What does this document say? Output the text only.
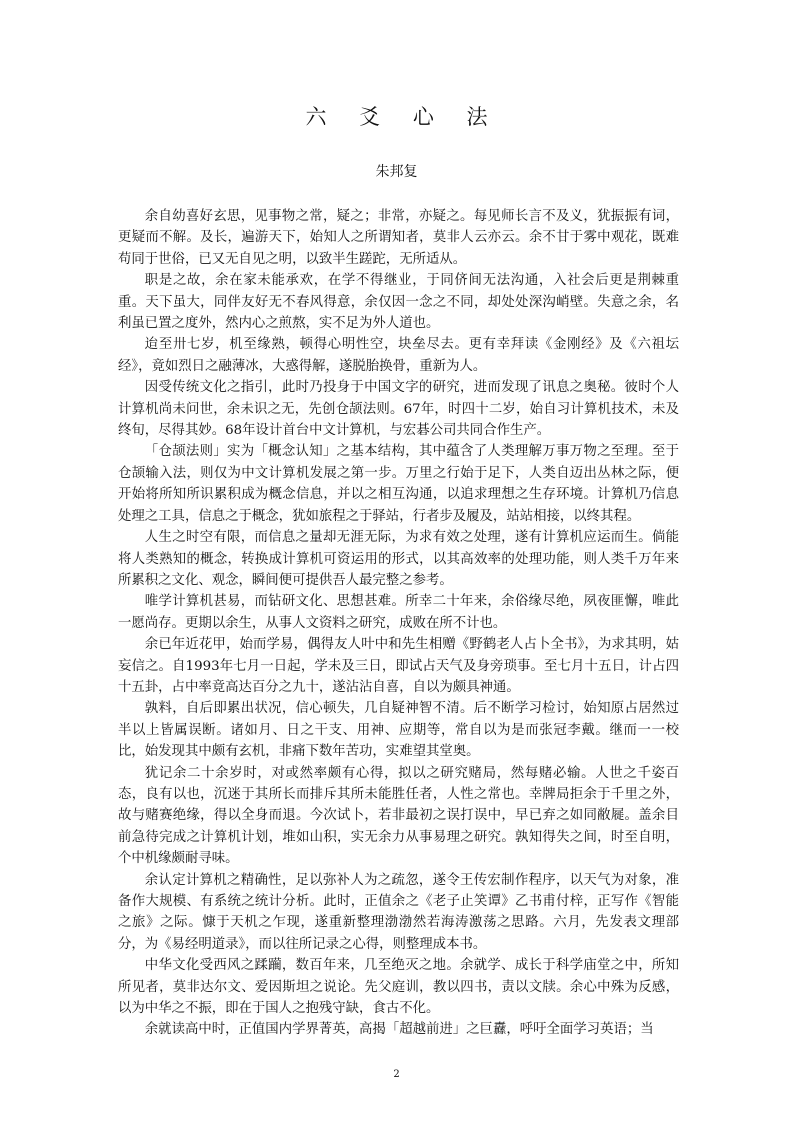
六 爻 心 法

朱邦复

余自幼喜好玄思，见事物之常，疑之；非常，亦疑之。每见师长言不及义，犹振振有词，更疑而不解。及长，遍游天下，始知人之所谓知者，莫非人云亦云。余不甘于雾中观花，既难苟同于世俗，已又无自见之明，以致半生蹉跎，无所适从。

职是之故，余在家未能承欢，在学不得继业，于同侪间无法沟通，入社会后更是荆棘重重。天下虽大，同伴友好无不春风得意，余仅因一念之不同，却处处深沟峭壁。失意之余，名利虽已置之度外，然内心之煎熬，实不足为外人道也。

迨至卅七岁，机至缘熟，顿得心明性空，块垒尽去。更有幸拜读《金刚经》及《六祖坛经》，竟如烈日之融薄冰，大惑得解，遂脱胎换骨，重新为人。

因受传统文化之指引，此时乃投身于中国文字的研究，进而发现了讯息之奥秘。彼时个人计算机尚未问世，余未识之无，先创仓颉法则。67年，时四十二岁，始自习计算机技术，未及终旬，尽得其妙。68年设计首台中文计算机，与宏碁公司共同合作生产。

「仓颉法则」实为「概念认知」之基本结构，其中蕴含了人类理解万事万物之至理。至于仓颉输入法，则仅为中文计算机发展之第一步。万里之行始于足下，人类自迈出丛林之际，便开始将所知所识累积成为概念信息，并以之相互沟通，以追求理想之生存环境。计算机乃信息处理之工具，信息之于概念，犹如旅程之于驿站，行者步及履及，站站相接，以终其程。

人生之时空有限，而信息之量却无涯无际，为求有效之处理，遂有计算机应运而生。倘能将人类熟知的概念，转换成计算机可资运用的形式，以其高效率的处理功能，则人类千万年来所累积之文化、观念，瞬间便可提供吾人最完整之参考。

唯学计算机甚易，而钻研文化、思想甚难。所幸二十年来，余俗缘尽绝，夙夜匪懈，唯此一愿尚存。更期以余生，从事人文资料之研究，成败在所不计也。

余已年近花甲，始而学易，偶得友人叶中和先生相赠《野鹤老人占卜全书》，为求其明，姑妄信之。自1993年七月一日起，学未及三日，即试占天气及身旁琐事。至七月十五日，计占四十五卦，占中率竟高达百分之九十，遂沾沾自喜，自以为颇具神通。

孰料，自后即累出状况，信心顿失，几自疑神智不清。后不断学习检讨，始知原占居然过半以上皆属误断。诸如月、日之干支、用神、应期等，常自以为是而张冠李戴。继而一一校比，始发现其中颇有玄机，非痛下数年苦功，实难望其堂奥。

犹记余二十余岁时，对或然率颇有心得，拟以之研究赌局，然每赌必输。人世之千姿百态，良有以也，沉迷于其所长而排斥其所未能胜任者，人性之常也。幸牌局拒余于千里之外，故与赌赛绝缘，得以全身而退。今次试卜，若非最初之误打误中，早已弃之如同敝屣。盖余目前急待完成之计算机计划，堆如山积，实无余力从事易理之研究。孰知得失之间，时至自明，个中机缘颇耐寻味。

余认定计算机之精确性，足以弥补人为之疏忽，遂令王传宏制作程序，以天气为对象，准备作大规模、有系统之统计分析。此时，正值余之《老子止笑谭》乙书甫付梓，正写作《智能之旅》之际。慷于天机之乍现，遂重新整理渤渤然若海涛激荡之思路。六月，先发表文理部分，为《易经明道录》，而以往所记录之心得，则整理成本书。

中华文化受西风之蹂躏，数百年来，几至绝灭之地。余就学、成长于科学庙堂之中，所知所见者，莫非达尔文、爱因斯坦之说论。先父庭训，教以四书，责以文牍。余心中殊为反感，以为中华之不振，即在于国人之抱残守缺，食古不化。

余就读高中时，正值国内学界菁英，高揭「超越前进」之巨纛，呼吁全面学习英语；当

2
